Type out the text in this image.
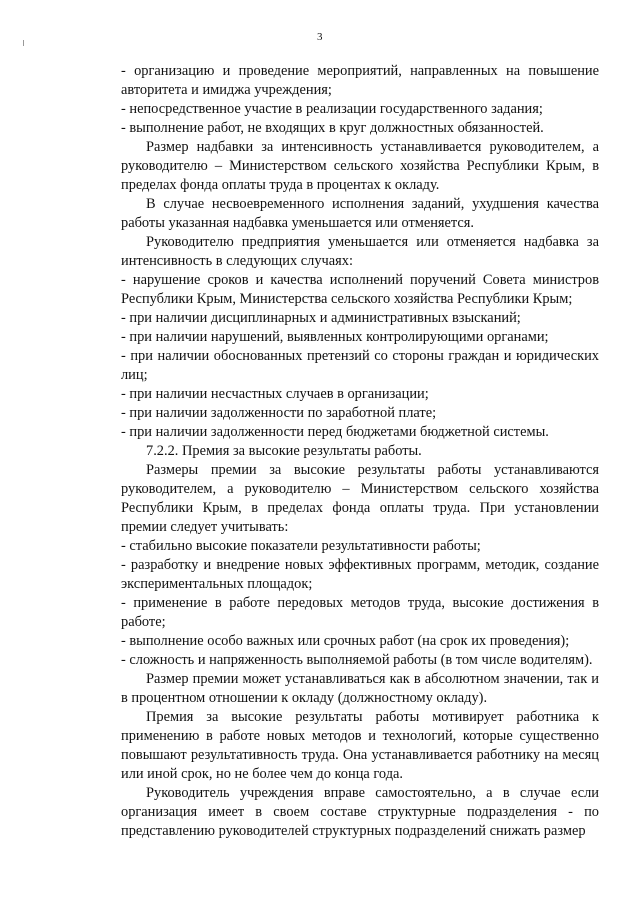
3

- организацию и проведение мероприятий, направленных на повышение авторитета и имиджа учреждения;

- непосредственное участие в реализации государственного задания;

- выполнение работ, не входящих в круг должностных обязанностей.

Размер надбавки за интенсивность устанавливается руководителем, а руководителю – Министерством сельского хозяйства Республики Крым, в пределах фонда оплаты труда в процентах к окладу.

В случае несвоевременного исполнения заданий, ухудшения качества работы указанная надбавка уменьшается или отменяется.

Руководителю предприятия уменьшается или отменяется надбавка за интенсивность в следующих случаях:

- нарушение сроков и качества исполнений поручений Совета министров Республики Крым, Министерства сельского хозяйства Республики Крым;

- при наличии дисциплинарных и административных взысканий;

- при наличии нарушений, выявленных контролирующими органами;

- при наличии обоснованных претензий со стороны граждан и юридических лиц;

- при наличии несчастных случаев в организации;

- при наличии задолженности по заработной плате;

- при наличии задолженности перед бюджетами бюджетной системы.

7.2.2. Премия за высокие результаты работы.

Размеры премии за высокие результаты работы устанавливаются руководителем, а руководителю – Министерством сельского хозяйства Республики Крым, в пределах фонда оплаты труда. При установлении премии следует учитывать:

- стабильно высокие показатели результативности работы;

- разработку и внедрение новых эффективных программ, методик, создание экспериментальных площадок;

- применение в работе передовых методов труда, высокие достижения в работе;

- выполнение особо важных или срочных работ (на срок их проведения);

- сложность и напряженность выполняемой работы (в том числе водителям).

Размер премии может устанавливаться как в абсолютном значении, так и в процентном отношении к окладу (должностному окладу).

Премия за высокие результаты работы мотивирует работника к применению в работе новых методов и технологий, которые существенно повышают результативность труда. Она устанавливается работнику на месяц или иной срок, но не более чем до конца года.

Руководитель учреждения вправе самостоятельно, а в случае если организация имеет в своем составе структурные подразделения - по представлению руководителей структурных подразделений снижать размер
